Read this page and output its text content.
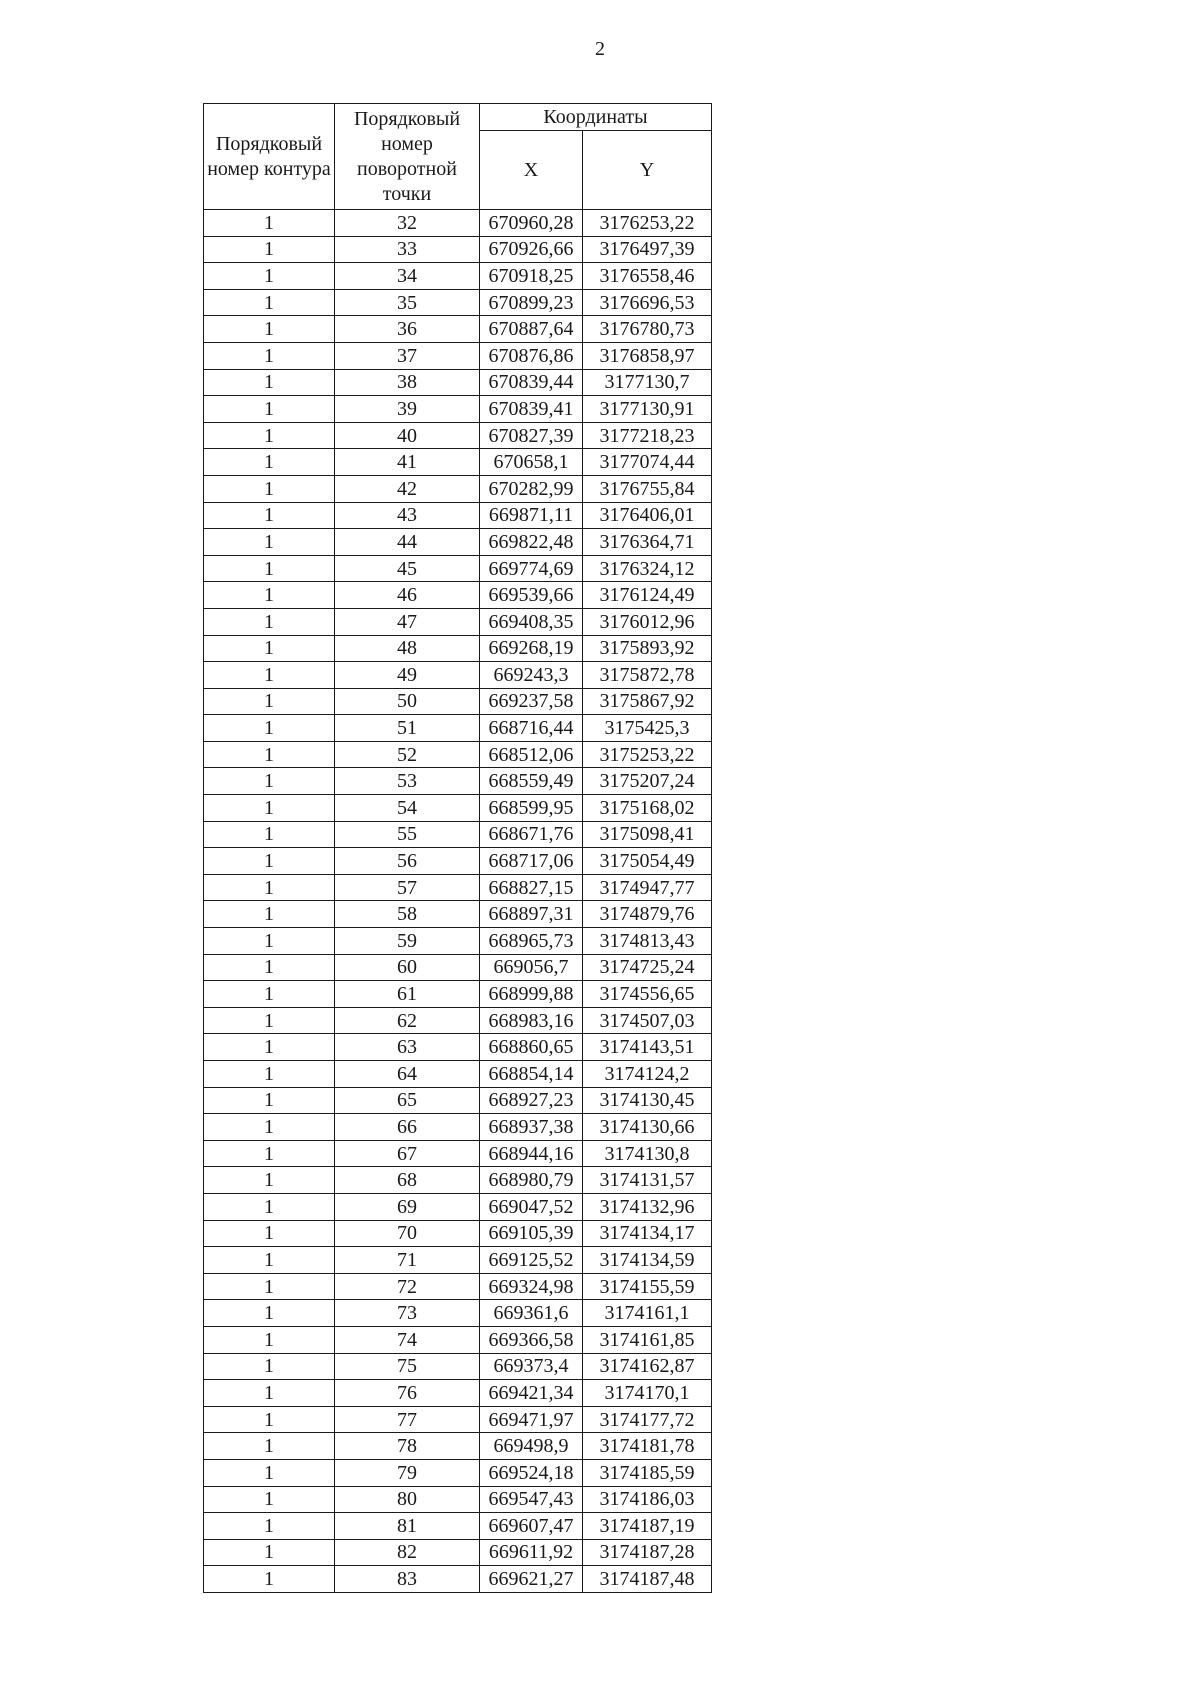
2
Порядковый номер контура	Порядковый номер поворотной точки	Координаты	
		X	Y
1	32	670960,28	3176253,22
1	33	670926,66	3176497,39
1	34	670918,25	3176558,46
1	35	670899,23	3176696,53
1	36	670887,64	3176780,73
1	37	670876,86	3176858,97
1	38	670839,44	3177130,7
1	39	670839,41	3177130,91
1	40	670827,39	3177218,23
1	41	670658,1	3177074,44
1	42	670282,99	3176755,84
1	43	669871,11	3176406,01
1	44	669822,48	3176364,71
1	45	669774,69	3176324,12
1	46	669539,66	3176124,49
1	47	669408,35	3176012,96
1	48	669268,19	3175893,92
1	49	669243,3	3175872,78
1	50	669237,58	3175867,92
1	51	668716,44	3175425,3
1	52	668512,06	3175253,22
1	53	668559,49	3175207,24
1	54	668599,95	3175168,02
1	55	668671,76	3175098,41
1	56	668717,06	3175054,49
1	57	668827,15	3174947,77
1	58	668897,31	3174879,76
1	59	668965,73	3174813,43
1	60	669056,7	3174725,24
1	61	668999,88	3174556,65
1	62	668983,16	3174507,03
1	63	668860,65	3174143,51
1	64	668854,14	3174124,2
1	65	668927,23	3174130,45
1	66	668937,38	3174130,66
1	67	668944,16	3174130,8
1	68	668980,79	3174131,57
1	69	669047,52	3174132,96
1	70	669105,39	3174134,17
1	71	669125,52	3174134,59
1	72	669324,98	3174155,59
1	73	669361,6	3174161,1
1	74	669366,58	3174161,85
1	75	669373,4	3174162,87
1	76	669421,34	3174170,1
1	77	669471,97	3174177,72
1	78	669498,9	3174181,78
1	79	669524,18	3174185,59
1	80	669547,43	3174186,03
1	81	669607,47	3174187,19
1	82	669611,92	3174187,28
1	83	669621,27	3174187,48
